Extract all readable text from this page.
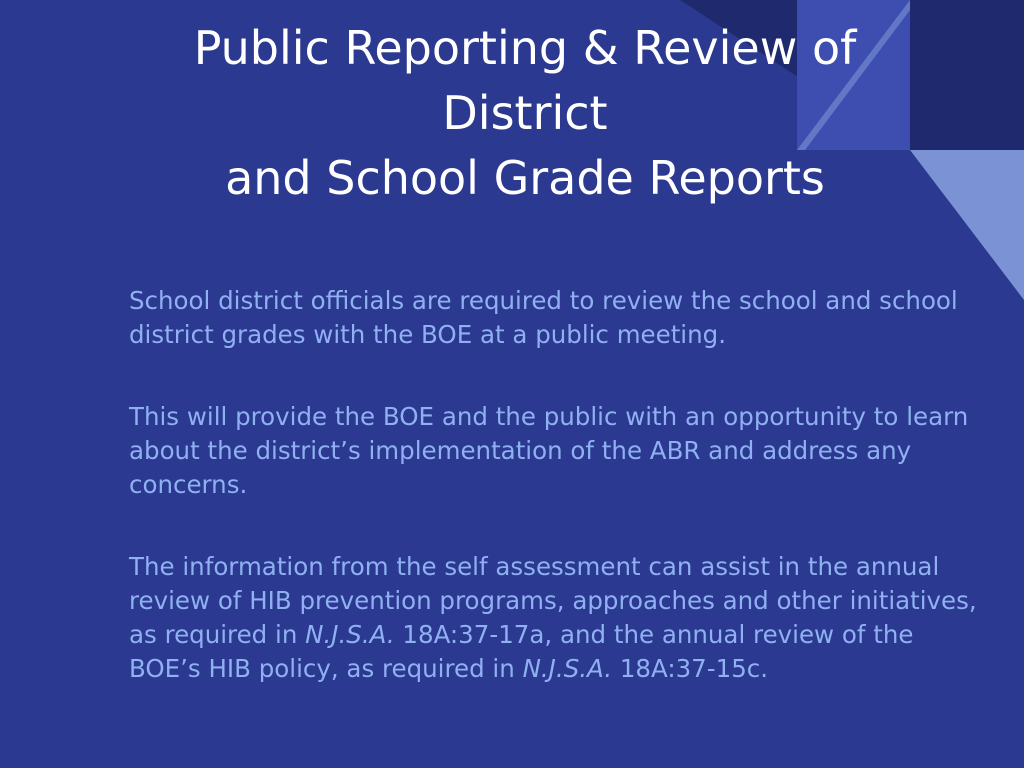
Public Reporting & Review of
District
and School Grade Reports

School district officials are required to review the school and school district grades with the BOE at a public meeting.

This will provide the BOE and the public with an opportunity to learn about the district’s implementation of the ABR and address any concerns.

The information from the self assessment can assist in the annual review of HIB prevention programs, approaches and other initiatives, as required in N.J.S.A. 18A:37-17a, and the annual review of the BOE’s HIB policy, as required in N.J.S.A. 18A:37-15c.
